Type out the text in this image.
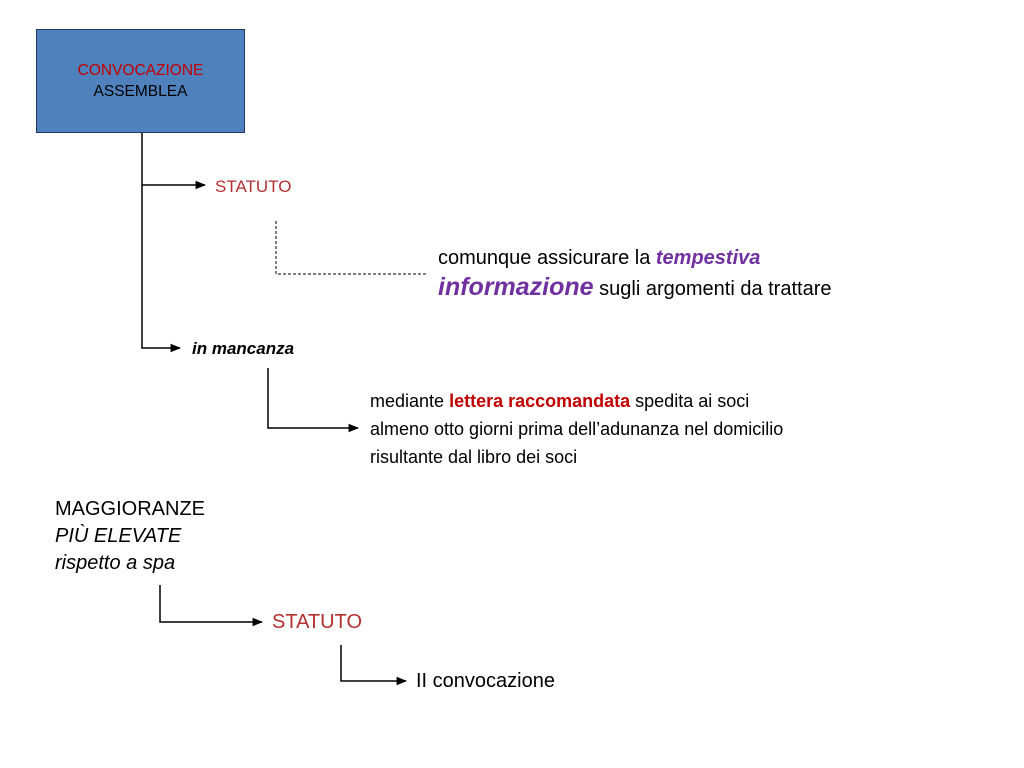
CONVOCAZIONE
ASSEMBLEA
STATUTO
comunque assicurare la tempestiva
informazione sugli argomenti da trattare
in mancanza
mediante lettera raccomandata spedita ai soci
almeno otto giorni prima dell’adunanza nel domicilio
risultante dal libro dei soci
MAGGIORANZE
PIÙ ELEVATE
rispetto a spa
STATUTO
II convocazione
